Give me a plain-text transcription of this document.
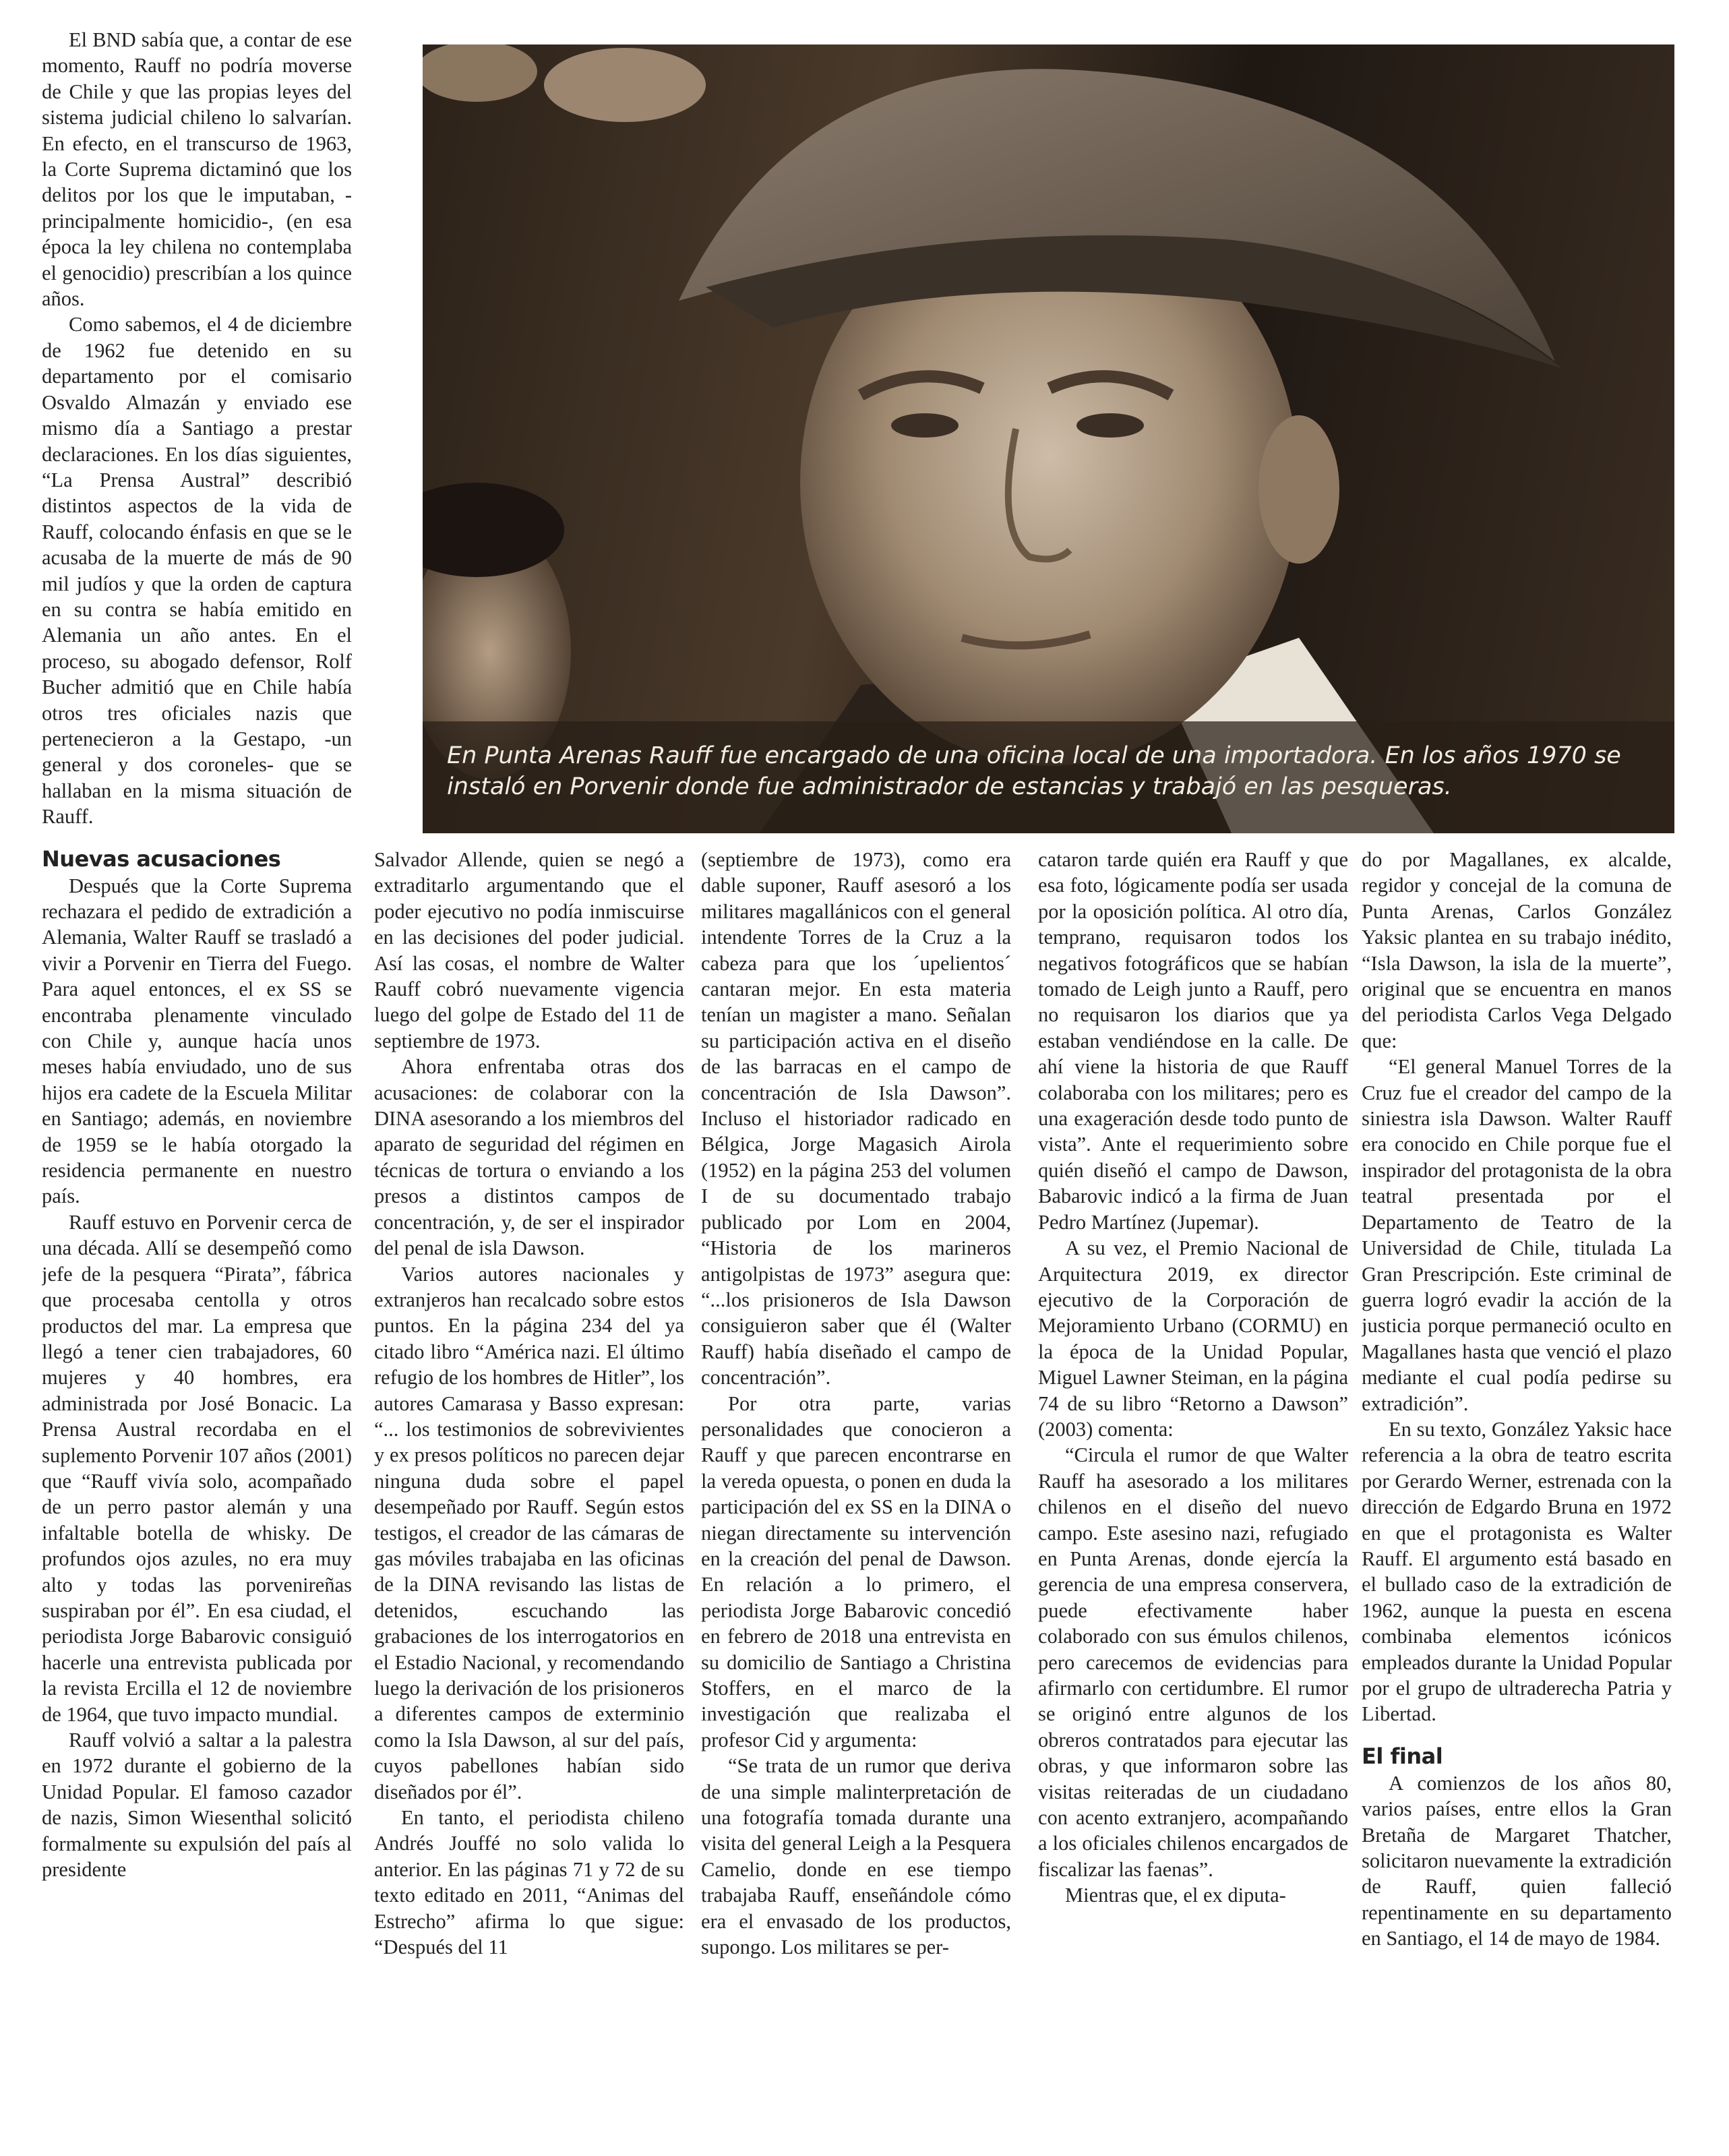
En Punta Arenas Rauff fue encargado de una oficina local de una importadora. En los años 1970 se instaló en Porvenir donde fue administrador de estancias y trabajó en las pesqueras.

El BND sabía que, a contar de ese momento, Rauff no podría moverse de Chile y que las propias leyes del sistema judicial chileno lo salvarían. En efecto, en el transcurso de 1963, la Corte Suprema dictaminó que los delitos por los que le imputaban, -principalmente homicidio-, (en esa época la ley chilena no contemplaba el genocidio) prescribían a los quince años.

Como sabemos, el 4 de diciembre de 1962 fue detenido en su departamento por el comisario Osvaldo Almazán y enviado ese mismo día a Santiago a prestar declaraciones. En los días siguientes, “La Prensa Austral” describió distintos aspectos de la vida de Rauff, colocando énfasis en que se le acusaba de la muerte de más de 90 mil judíos y que la orden de captura en su contra se había emitido en Alemania un año antes. En el proceso, su abogado defensor, Rolf Bucher admitió que en Chile había otros tres oficiales nazis que pertenecieron a la Gestapo, -un general y dos coroneles- que se hallaban en la misma situación de Rauff.

Nuevas acusaciones

Después que la Corte Suprema rechazara el pedido de extradición a Alemania, Walter Rauff se trasladó a vivir a Porvenir en Tierra del Fuego. Para aquel entonces, el ex SS se encontraba plenamente vinculado con Chile y, aunque hacía unos meses había enviudado, uno de sus hijos era cadete de la Escuela Militar en Santiago; además, en noviembre de 1959 se le había otorgado la residencia permanente en nuestro país.

Rauff estuvo en Porvenir cerca de una década. Allí se desempeñó como jefe de la pesquera “Pirata”, fábrica que procesaba centolla y otros productos del mar. La empresa que llegó a tener cien trabajadores, 60 mujeres y 40 hombres, era administrada por José Bonacic. La Prensa Austral recordaba en el suplemento Porvenir 107 años (2001) que “Rauff vivía solo, acompañado de un perro pastor alemán y una infaltable botella de whisky. De profundos ojos azules, no era muy alto y todas las porvenireñas suspiraban por él”. En esa ciudad, el periodista Jorge Babarovic consiguió hacerle una entrevista publicada por la revista Ercilla el 12 de noviembre de 1964, que tuvo impacto mundial.

Rauff volvió a saltar a la palestra en 1972 durante el gobierno de la Unidad Popular. El famoso cazador de nazis, Simon Wiesenthal solicitó formalmente su expulsión del país al presidente

Salvador Allende, quien se negó a extraditarlo argumentando que el poder ejecutivo no podía inmiscuirse en las decisiones del poder judicial. Así las cosas, el nombre de Walter Rauff cobró nuevamente vigencia luego del golpe de Estado del 11 de septiembre de 1973.

Ahora enfrentaba otras dos acusaciones: de colaborar con la DINA asesorando a los miembros del aparato de seguridad del régimen en técnicas de tortura o enviando a los presos a distintos campos de concentración, y, de ser el inspirador del penal de isla Dawson.

Varios autores nacionales y extranjeros han recalcado sobre estos puntos. En la página 234 del ya citado libro “América nazi. El último refugio de los hombres de Hitler”, los autores Camarasa y Basso expresan: “... los testimonios de sobrevivientes y ex presos políticos no parecen dejar ninguna duda sobre el papel desempeñado por Rauff. Según estos testigos, el creador de las cámaras de gas móviles trabajaba en las oficinas de la DINA revisando las listas de detenidos, escuchando las grabaciones de los interrogatorios en el Estadio Nacional, y recomendando luego la derivación de los prisioneros a diferentes campos de exterminio como la Isla Dawson, al sur del país, cuyos pabellones habían sido diseñados por él”.

En tanto, el periodista chileno Andrés Jouffé no solo valida lo anterior. En las páginas 71 y 72 de su texto editado en 2011, “Animas del Estrecho” afirma lo que sigue: “Después del 11

(septiembre de 1973), como era dable suponer, Rauff asesoró a los militares magallánicos con el general intendente Torres de la Cruz a la cabeza para que los ´upelientos´ cantaran mejor. En esta materia tenían un magister a mano. Señalan su participación activa en el diseño de las barracas en el campo de concentración de Isla Dawson”. Incluso el historiador radicado en Bélgica, Jorge Magasich Airola (1952) en la página 253 del volumen I de su documentado trabajo publicado por Lom en 2004, “Historia de los marineros antigolpistas de 1973” asegura que: “...los prisioneros de Isla Dawson consiguieron saber que él (Walter Rauff) había diseñado el campo de concentración”.

Por otra parte, varias personalidades que conocieron a Rauff y que parecen encontrarse en la vereda opuesta, o ponen en duda la participación del ex SS en la DINA o niegan directamente su intervención en la creación del penal de Dawson. En relación a lo primero, el periodista Jorge Babarovic concedió en febrero de 2018 una entrevista en su domicilio de Santiago a Christina Stoffers, en el marco de la investigación que realizaba el profesor Cid y argumenta:

“Se trata de un rumor que deriva de una simple malinterpretación de una fotografía tomada durante una visita del general Leigh a la Pesquera Camelio, donde en ese tiempo trabajaba Rauff, enseñándole cómo era el envasado de los productos, supongo. Los militares se per-

cataron tarde quién era Rauff y que esa foto, lógicamente podía ser usada por la oposición política. Al otro día, temprano, requisaron todos los negativos fotográficos que se habían tomado de Leigh junto a Rauff, pero no requisaron los diarios que ya estaban vendiéndose en la calle. De ahí viene la historia de que Rauff colaboraba con los militares; pero es una exageración desde todo punto de vista”. Ante el requerimiento sobre quién diseñó el campo de Dawson, Babarovic indicó a la firma de Juan Pedro Martínez (Jupemar).

A su vez, el Premio Nacional de Arquitectura 2019, ex director ejecutivo de la Corporación de Mejoramiento Urbano (CORMU) en la época de la Unidad Popular, Miguel Lawner Steiman, en la página 74 de su libro “Retorno a Dawson” (2003) comenta:

“Circula el rumor de que Walter Rauff ha asesorado a los militares chilenos en el diseño del nuevo campo. Este asesino nazi, refugiado en Punta Arenas, donde ejercía la gerencia de una empresa conservera, puede efectivamente haber colaborado con sus émulos chilenos, pero carecemos de evidencias para afirmarlo con certidumbre. El rumor se originó entre algunos de los obreros contratados para ejecutar las obras, y que informaron sobre las visitas reiteradas de un ciudadano con acento extranjero, acompañando a los oficiales chilenos encargados de fiscalizar las faenas”.

Mientras que, el ex diputa-

do por Magallanes, ex alcalde, regidor y concejal de la comuna de Punta Arenas, Carlos González Yaksic plantea en su trabajo inédito, “Isla Dawson, la isla de la muerte”, original que se encuentra en manos del periodista Carlos Vega Delgado que:

“El general Manuel Torres de la Cruz fue el creador del campo de la siniestra isla Dawson. Walter Rauff era conocido en Chile porque fue el inspirador del protagonista de la obra teatral presentada por el Departamento de Teatro de la Universidad de Chile, titulada La Gran Prescripción. Este criminal de guerra logró evadir la acción de la justicia porque permaneció oculto en Magallanes hasta que venció el plazo mediante el cual podía pedirse su extradición”.

En su texto, González Yaksic hace referencia a la obra de teatro escrita por Gerardo Werner, estrenada con la dirección de Edgardo Bruna en 1972 en que el protagonista es Walter Rauff. El argumento está basado en el bullado caso de la extradición de 1962, aunque la puesta en escena combinaba elementos icónicos empleados durante la Unidad Popular por el grupo de ultraderecha Patria y Libertad.

El final

A comienzos de los años 80, varios países, entre ellos la Gran Bretaña de Margaret Thatcher, solicitaron nuevamente la extradición de Rauff, quien falleció repentinamente en su departamento en Santiago, el 14 de mayo de 1984.
